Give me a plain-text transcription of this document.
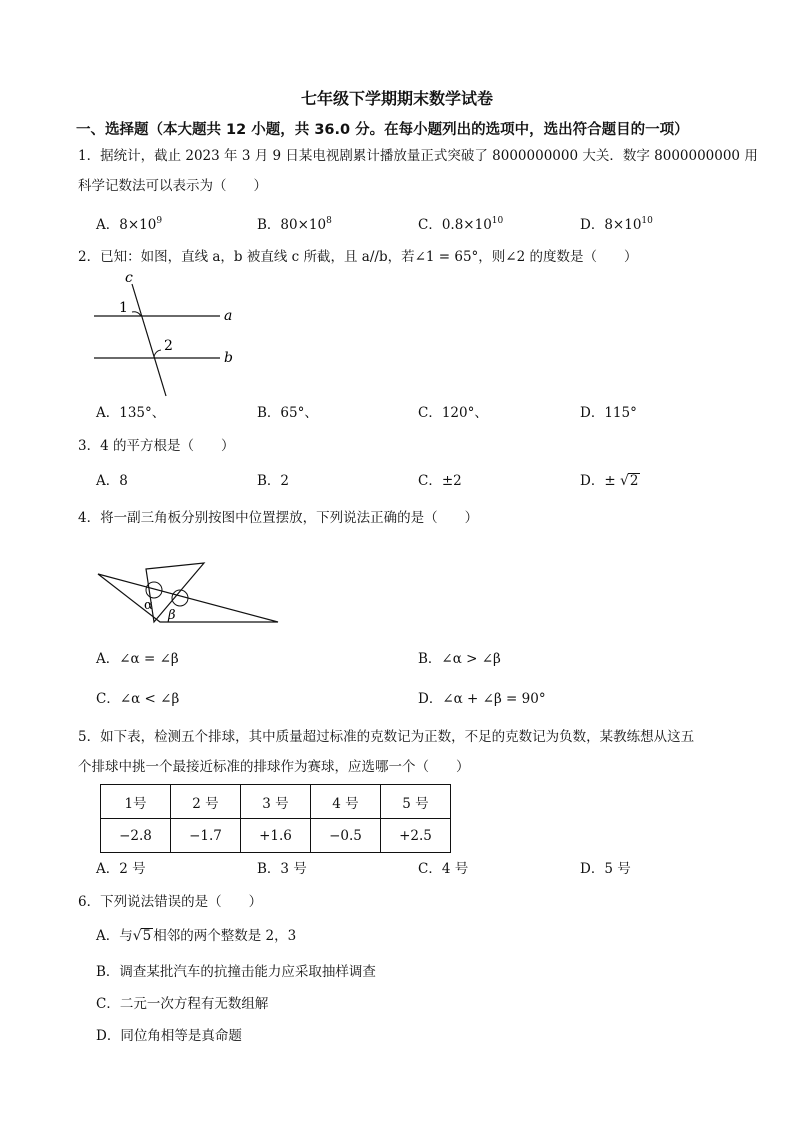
七年级下学期期末数学试卷
一、选择题（本大题共 12 小题，共 36.0 分。在每小题列出的选项中，选出符合题目的一项）
1．据统计，截止 2023 年 3 月 9 日某电视剧累计播放量正式突破了 8000000000 大关．数字 8000000000 用
科学记数法可以表示为（　　）
A．$8\times 10^9$	B．$80\times 10^8$	C．$0.8\times 10^{10}$	D．$8\times 10^{10}$
2．已知：如图，直线 a，b 被直线 c 所截，且 a//b，若∠1 = 65°，则∠2 的度数是（　　）
c
1
2
a
b
A．135°、	B．65°、	C．120°、	D．115°
3．4 的平方根是（　　）
A．8	B．2	C．±2	D．± √2
4．将一副三角板分别按图中位置摆放，下列说法正确的是（　　）
α
β
A．∠α = ∠β	B．∠α > ∠β
C．∠α < ∠β	D．∠α + ∠β = 90°
5．如下表，检测五个排球，其中质量超过标准的克数记为正数，不足的克数记为负数，某教练想从这五
个排球中挑一个最接近标准的排球作为赛球，应选哪一个（　　）
1号	2 号	3 号	4 号	5 号
−2.8	−1.7	+1.6	−0.5	+2.5
A．2 号	B．3 号	C．4 号	D．5 号
6．下列说法错误的是（　　）
A．与√5 相邻的两个整数是 2，3
B．调查某批汽车的抗撞击能力应采取抽样调查
C．二元一次方程有无数组解
D．同位角相等是真命题
